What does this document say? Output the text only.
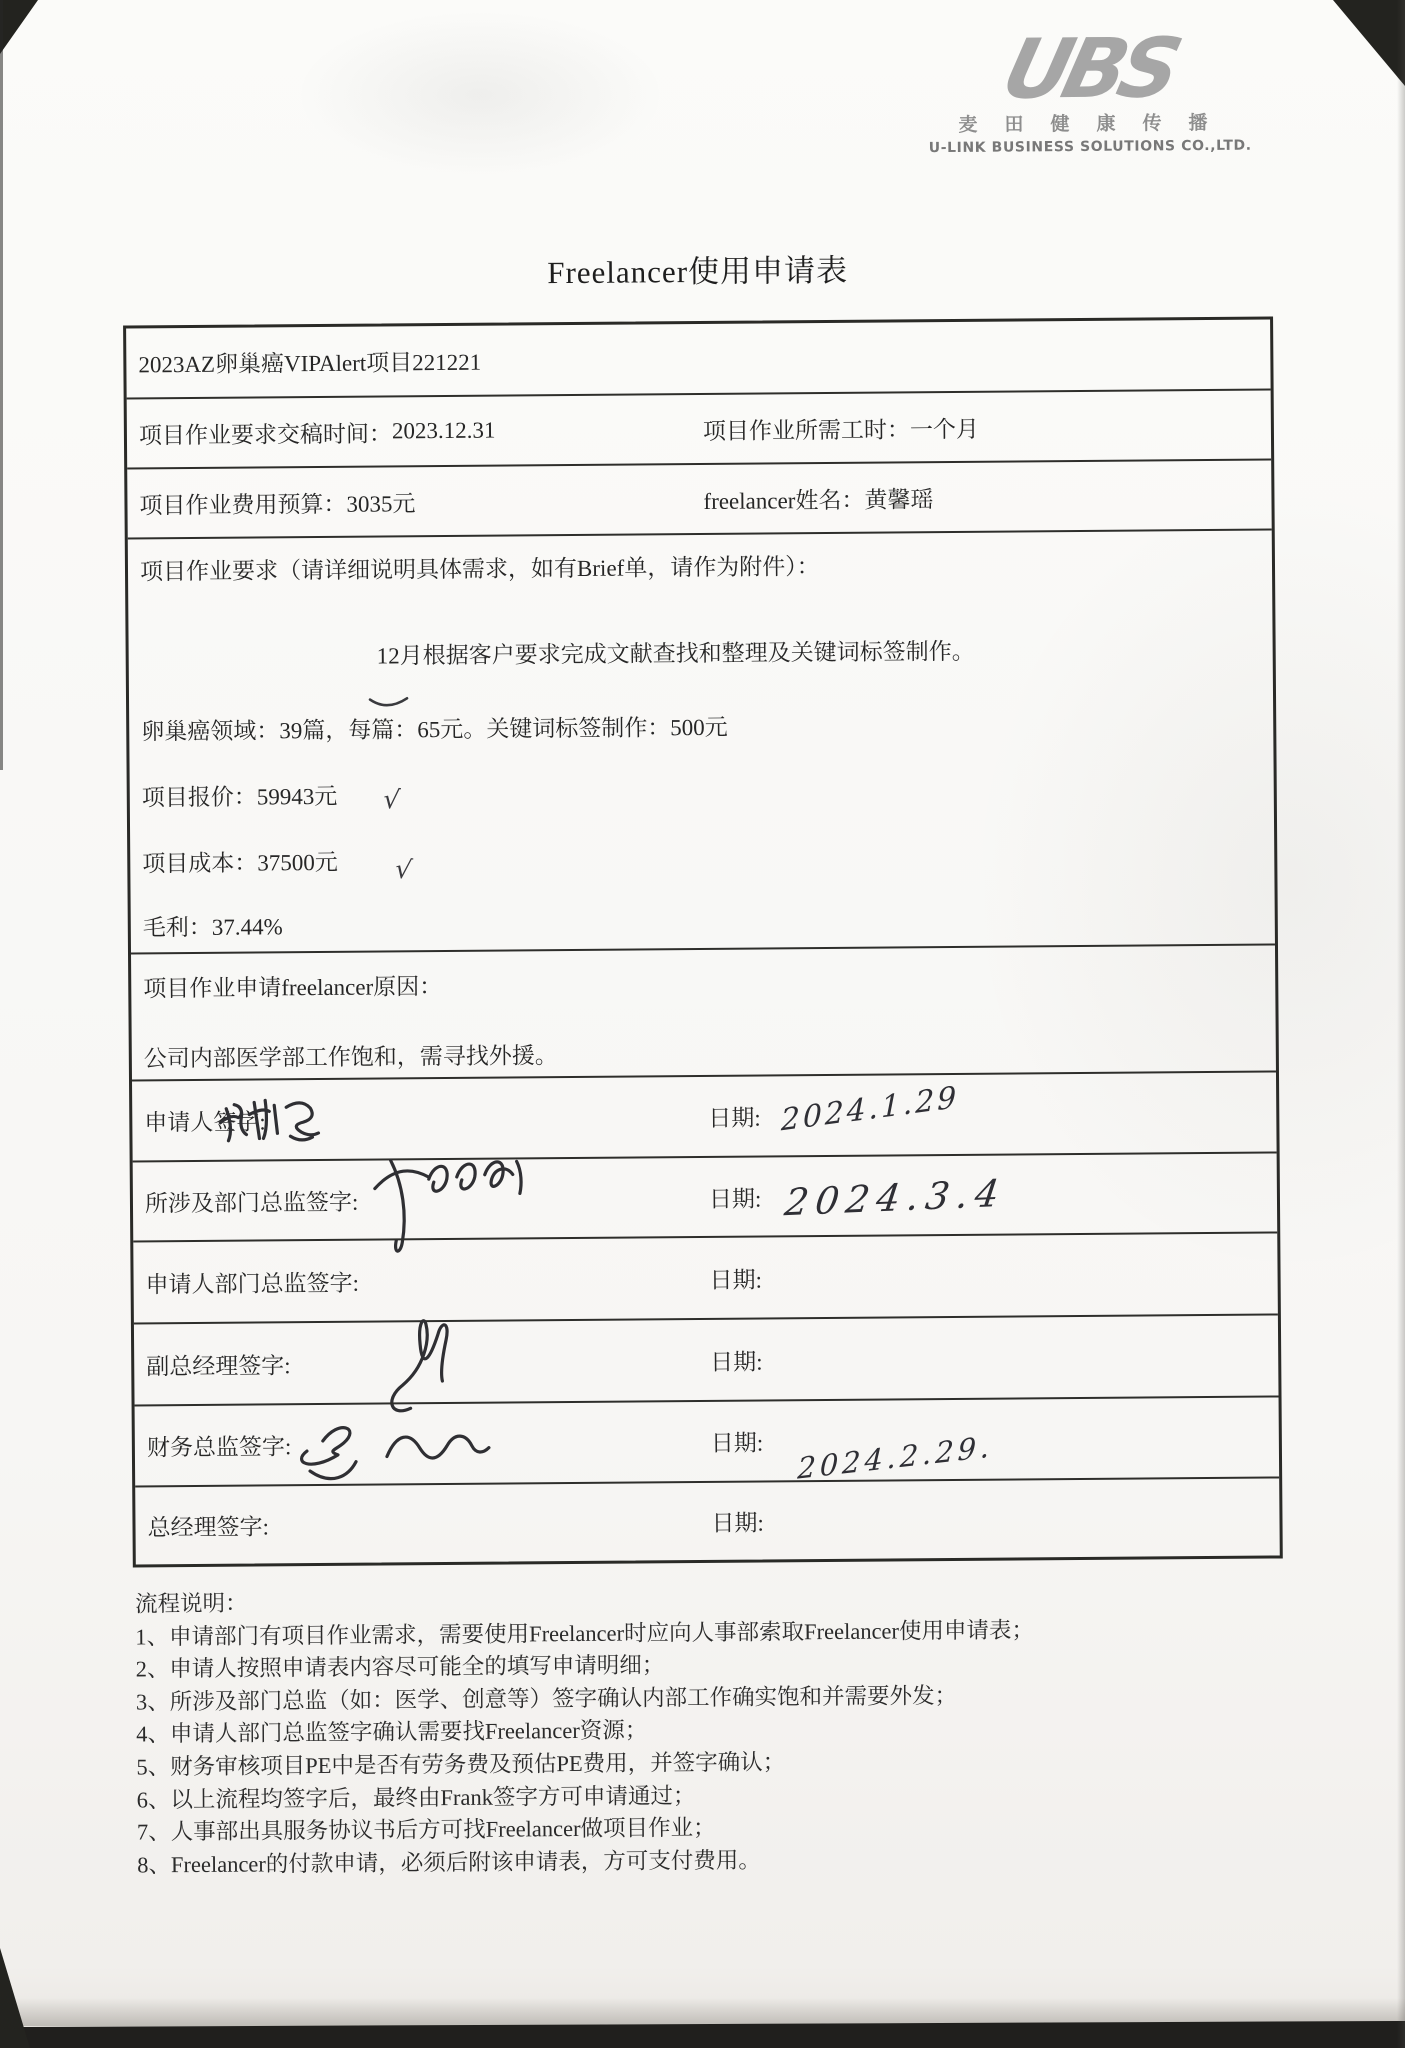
UBS
麦田健康传播
U-LINK BUSINESS SOLUTIONS CO.,LTD.
Freelancer使用申请表
2023AZ卵巢癌VIPAlert项目221221
项目作业要求交稿时间： 2023.12.31	项目作业所需工时： 一个月
项目作业费用预算： 3035元	freelancer姓名： 黄馨瑶
项目作业要求（请详细说明具体需求，如有Brief单，请作为附件）：
12月根据客户要求完成文献查找和整理及关键词标签制作。
卵巢癌领域：39篇，每篇：65元。关键词标签制作：500元
项目报价：59943元 √
项目成本：37500元 √
毛利：37.44%
项目作业申请freelancer原因：
公司内部医学部工作饱和，需寻找外援。
申请人签字:	日期: 2024.1.29
所涉及部门总监签字:	日期: 2024.3.4
申请人部门总监签字:	日期:
副总经理签字:	日期:
财务总监签字:	日期: 2024.2.29.
总经理签字:	日期:
流程说明：
1、申请部门有项目作业需求，需要使用Freelancer时应向人事部索取Freelancer使用申请表；
2、申请人按照申请表内容尽可能全的填写申请明细；
3、所涉及部门总监（如：医学、创意等）签字确认内部工作确实饱和并需要外发；
4、申请人部门总监签字确认需要找Freelancer资源；
5、财务审核项目PE中是否有劳务费及预估PE费用，并签字确认；
6、以上流程均签字后，最终由Frank签字方可申请通过；
7、人事部出具服务协议书后方可找Freelancer做项目作业；
8、Freelancer的付款申请，必须后附该申请表，方可支付费用。
